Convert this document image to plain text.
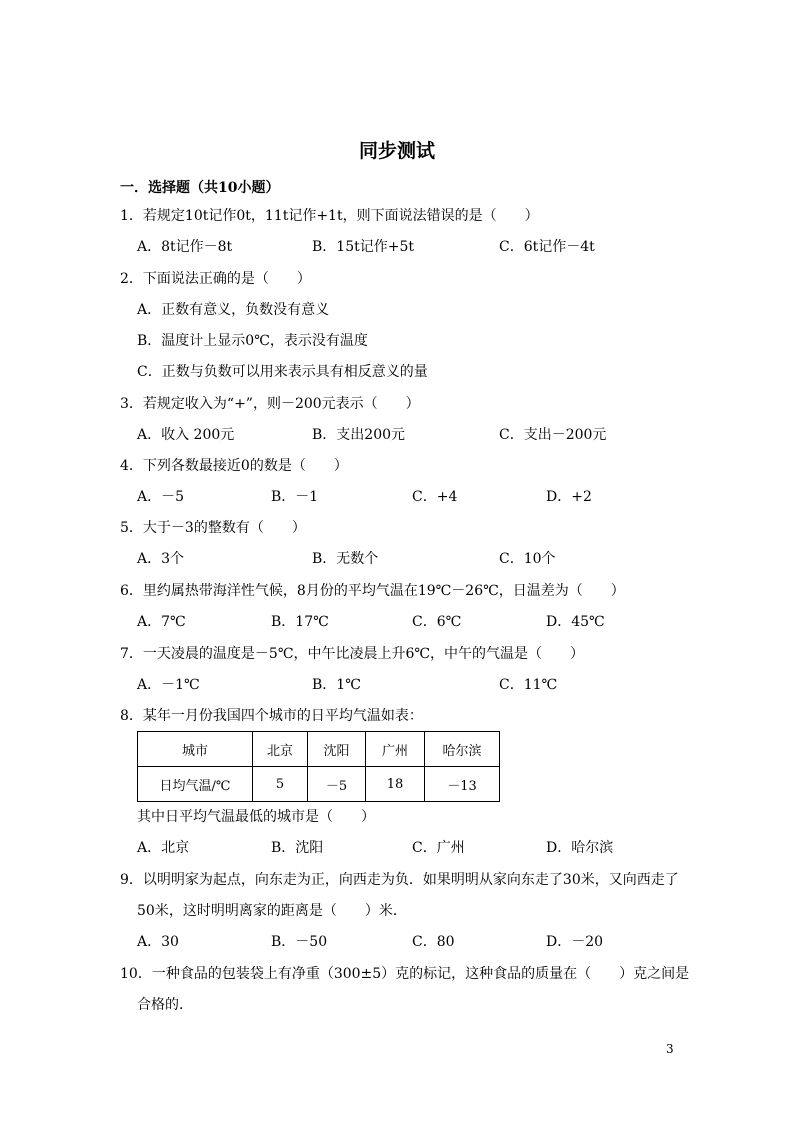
同步测试
一．选择题（共10小题）
1．若规定10t记作0t，11t记作+1t，则下面说法错误的是（　　）
A．8t记作－8t	B．15t记作+5t	C．6t记作－4t
2．下面说法正确的是（　　）
A．正数有意义，负数没有意义
B．温度计上显示0℃，表示没有温度
C．正数与负数可以用来表示具有相反意义的量
3．若规定收入为“+”，则－200元表示（　　）
A．收入 200元	B．支出200元	C．支出－200元
4．下列各数最接近0的数是（　　）
A．－5	B．－1	C．+4	D．+2
5．大于－3的整数有（　　）
A．3个	B．无数个	C．10个
6．里约属热带海洋性气候，8月份的平均气温在19℃－26℃，日温差为（　　）
A．7℃	B．17℃	C．6℃	D．45℃
7．一天凌晨的温度是－5℃，中午比凌晨上升6℃，中午的气温是（　　）
A．－1℃	B．1℃	C．11℃
8．某年一月份我国四个城市的日平均气温如表：
城市	北京	沈阳	广州	哈尔滨
日均气温/℃	5	－5	18	－13
其中日平均气温最低的城市是（　　）
A．北京	B．沈阳	C．广州	D．哈尔滨
9．以明明家为起点，向东走为正，向西走为负．如果明明从家向东走了30米，又向西走了
50米，这时明明离家的距离是（　　）米．
A．30	B．－50	C．80	D．－20
10．一种食品的包装袋上有净重（300±5）克的标记，这种食品的质量在（　　）克之间是
合格的．
3
